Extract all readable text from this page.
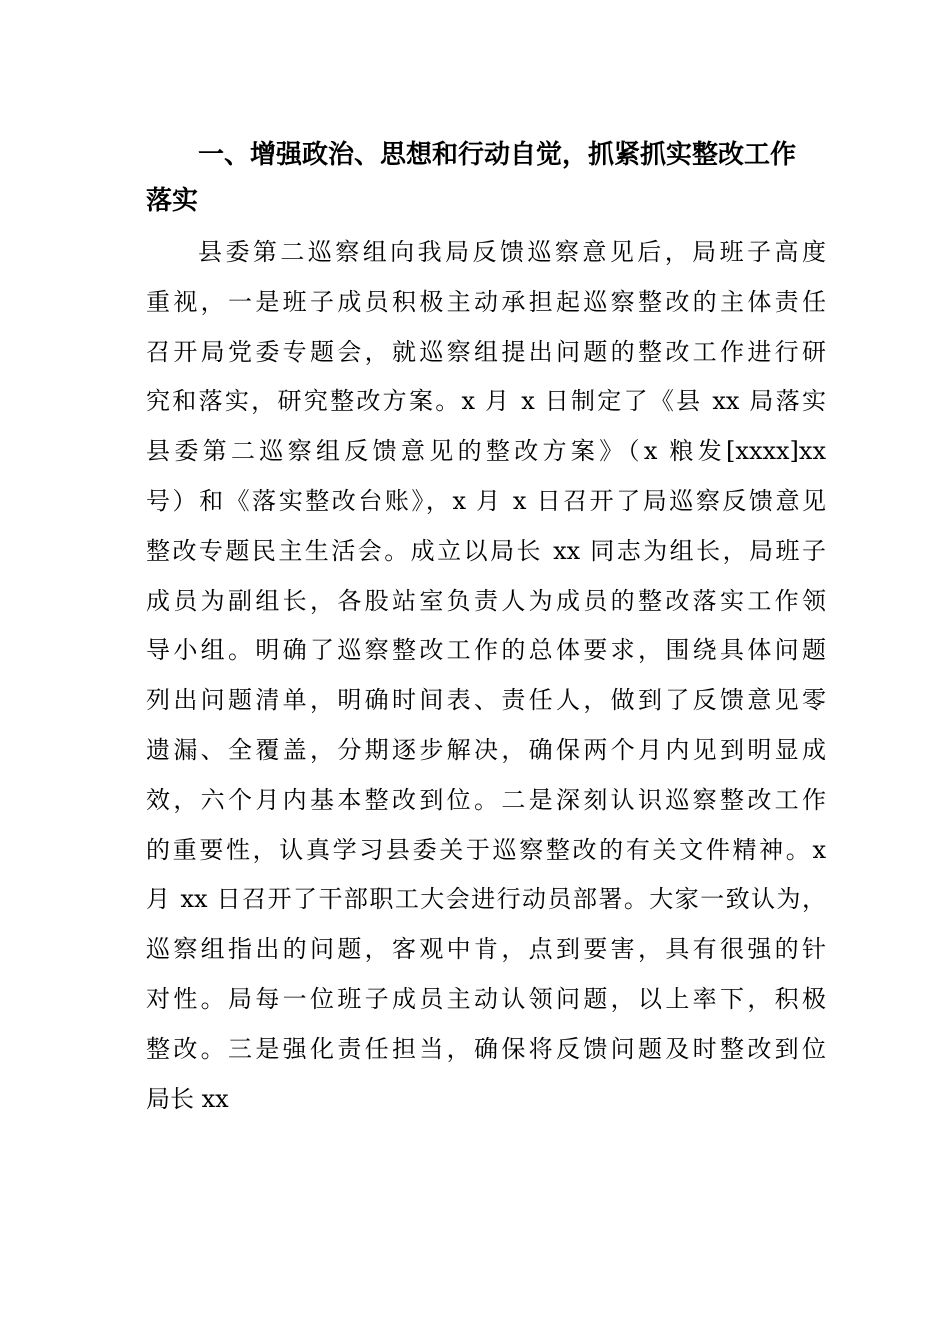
一、增强政治、思想和行动自觉，抓紧抓实整改工作
落实
县委第二巡察组向我局反馈巡察意见后，局班子高度
重视，一是班子成员积极主动承担起巡察整改的主体责任
召开局党委专题会，就巡察组提出问题的整改工作进行研
究和落实，研究整改方案。x 月 x 日制定了《县 xx 局落实
县委第二巡察组反馈意见的整改方案》（x 粮发[xxxx]xx
号）和《落实整改台账》，x 月 x 日召开了局巡察反馈意见
整改专题民主生活会。成立以局长 xx 同志为组长，局班子
成员为副组长，各股站室负责人为成员的整改落实工作领
导小组。明确了巡察整改工作的总体要求，围绕具体问题
列出问题清单，明确时间表、责任人，做到了反馈意见零
遗漏、全覆盖，分期逐步解决，确保两个月内见到明显成
效，六个月内基本整改到位。二是深刻认识巡察整改工作
的重要性，认真学习县委关于巡察整改的有关文件精神。x
月 xx 日召开了干部职工大会进行动员部署。大家一致认为，
巡察组指出的问题，客观中肯，点到要害，具有很强的针
对性。局每一位班子成员主动认领问题，以上率下，积极
整改。三是强化责任担当，确保将反馈问题及时整改到位
局长 xx
